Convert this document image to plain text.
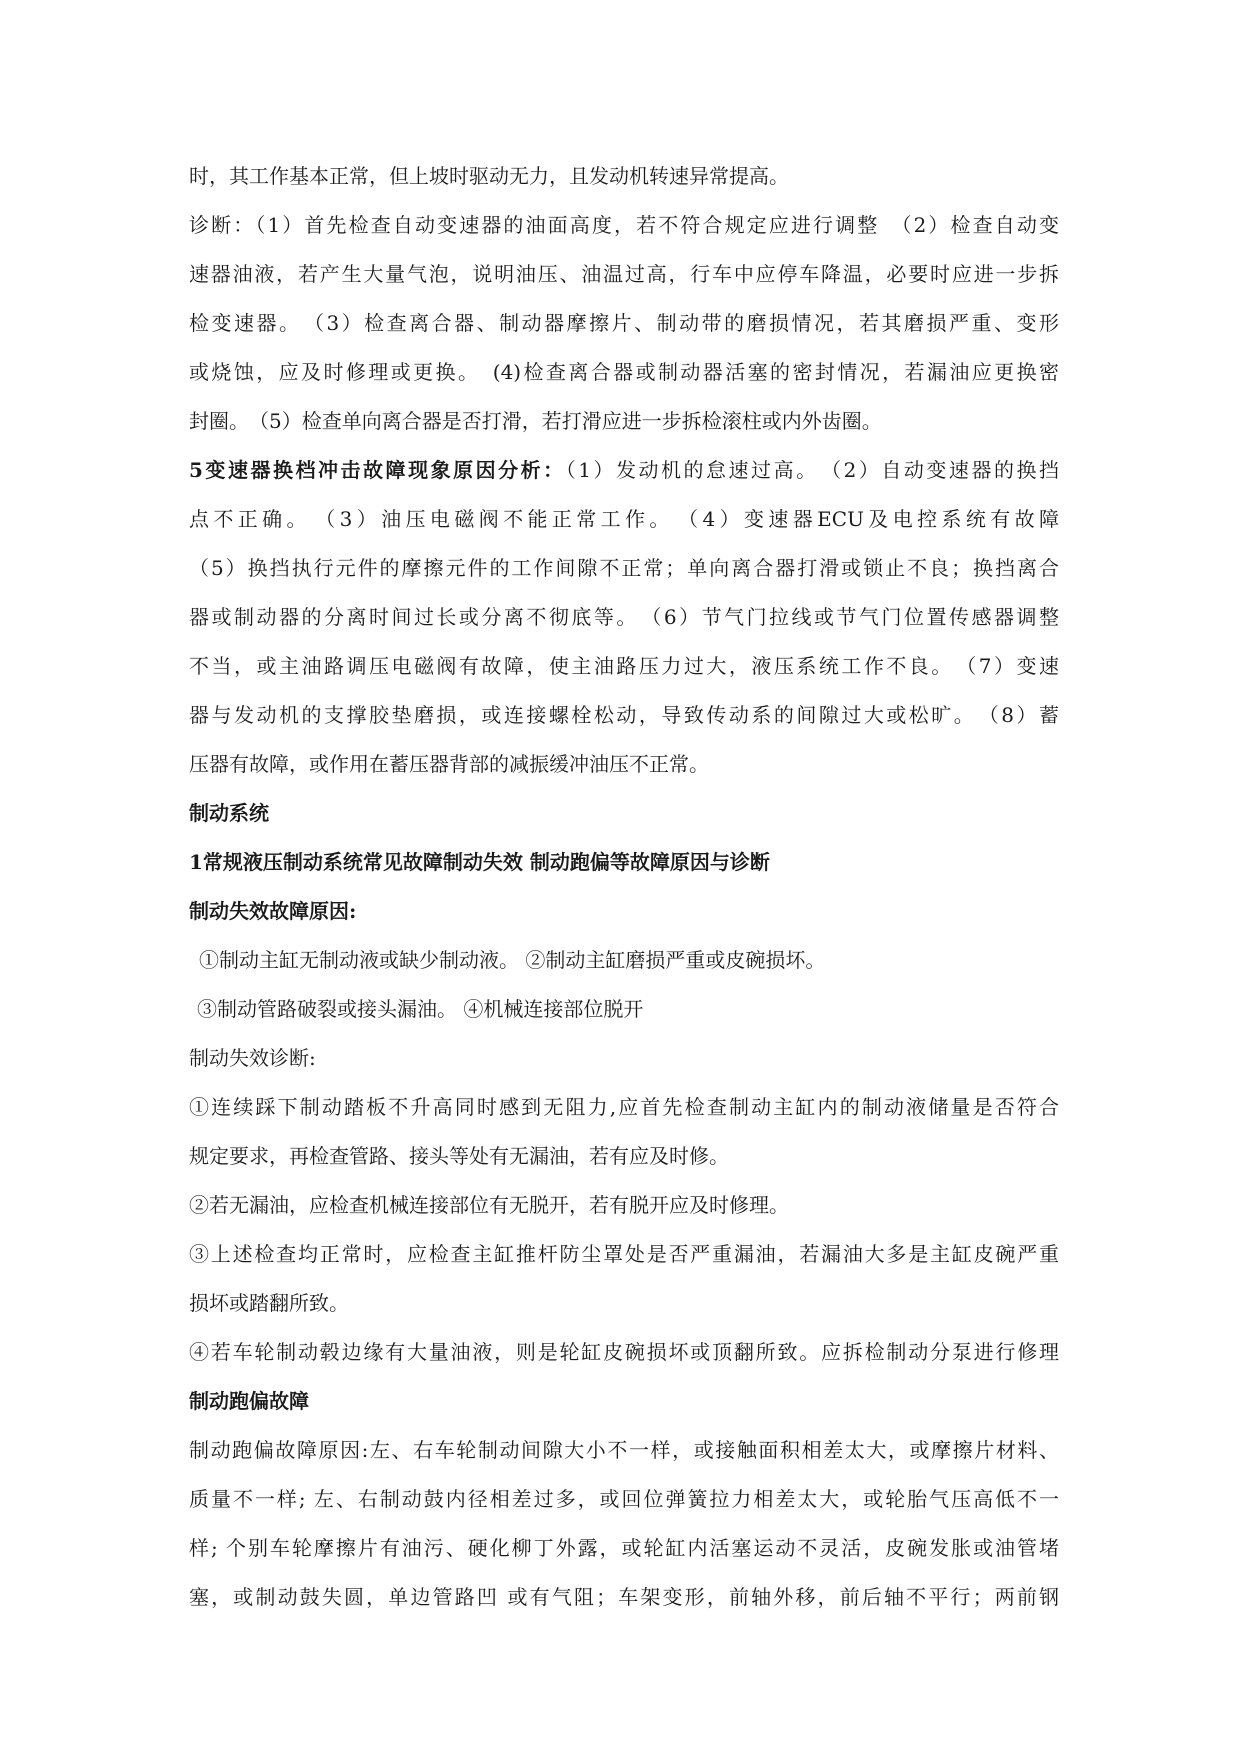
时，其工作基本正常，但上坡时驱动无力，且发动机转速异常提高。
诊断：（1）首先检查自动变速器的油面高度，若不符合规定应进行调整　（2）检查自动变
速器油液，若产生大量气泡，说明油压、油温过高，行车中应停车降温，必要时应进一步拆
检变速器。　（3）检查离合器、制动器摩擦片、制动带的磨损情况，若其磨损严重、变形
或烧蚀，应及时修理或更换。　(4)检查离合器或制动器活塞的密封情况，若漏油应更换密
封圈。　（5）检查单向离合器是否打滑，若打滑应进一步拆检滚柱或内外齿圈。
5变速器换档冲击故障现象原因分析：（1）发动机的怠速过高。　（2）自动变速器的换挡
点不正确。　（3）油压电磁阀不能正常工作。　（4）变速器ECU及电控系统有故障
（5）换挡执行元件的摩擦元件的工作间隙不正常；单向离合器打滑或锁止不良；换挡离合
器或制动器的分离时间过长或分离不彻底等。　（6）节气门拉线或节气门位置传感器调整
不当，或主油路调压电磁阀有故障，使主油路压力过大，液压系统工作不良。　（7）变速
器与发动机的支撑胶垫磨损，或连接螺栓松动，导致传动系的间隙过大或松旷。　（8）蓄
压器有故障，或作用在蓄压器背部的减振缓冲油压不正常。
制动系统
1常规液压制动系统常见故障制动失效 制动跑偏等故障原因与诊断
制动失效故障原因:
①制动主缸无制动液或缺少制动液。 ②制动主缸磨损严重或皮碗损坏。
③制动管路破裂或接头漏油。 ④机械连接部位脱开
制动失效诊断:
①连续踩下制动踏板不升高同时感到无阻力,应首先检查制动主缸内的制动液储量是否符合
规定要求，再检查管路、接头等处有无漏油，若有应及时修。
②若无漏油，应检查机械连接部位有无脱开，若有脱开应及时修理。
③上述检查均正常时，应检查主缸推杆防尘罩处是否严重漏油，若漏油大多是主缸皮碗严重
损坏或踏翻所致。
④若车轮制动毂边缘有大量油液，则是轮缸皮碗损坏或顶翻所致。应拆检制动分泵进行修理
制动跑偏故障
制动跑偏故障原因:左、右车轮制动间隙大小不一样，或接触面积相差太大，或摩擦片材料、
质量不一样; 左、右制动鼓内径相差过多，或回位弹簧拉力相差太大，或轮胎气压高低不一
样; 个别车轮摩擦片有油污、硬化柳丁外露，或轮缸内活塞运动不灵活，皮碗发胀或油管堵
塞，或制动鼓失圆，单边管路凹 或有气阻；车架变形，前轴外移，前后轴不平行；两前钢
